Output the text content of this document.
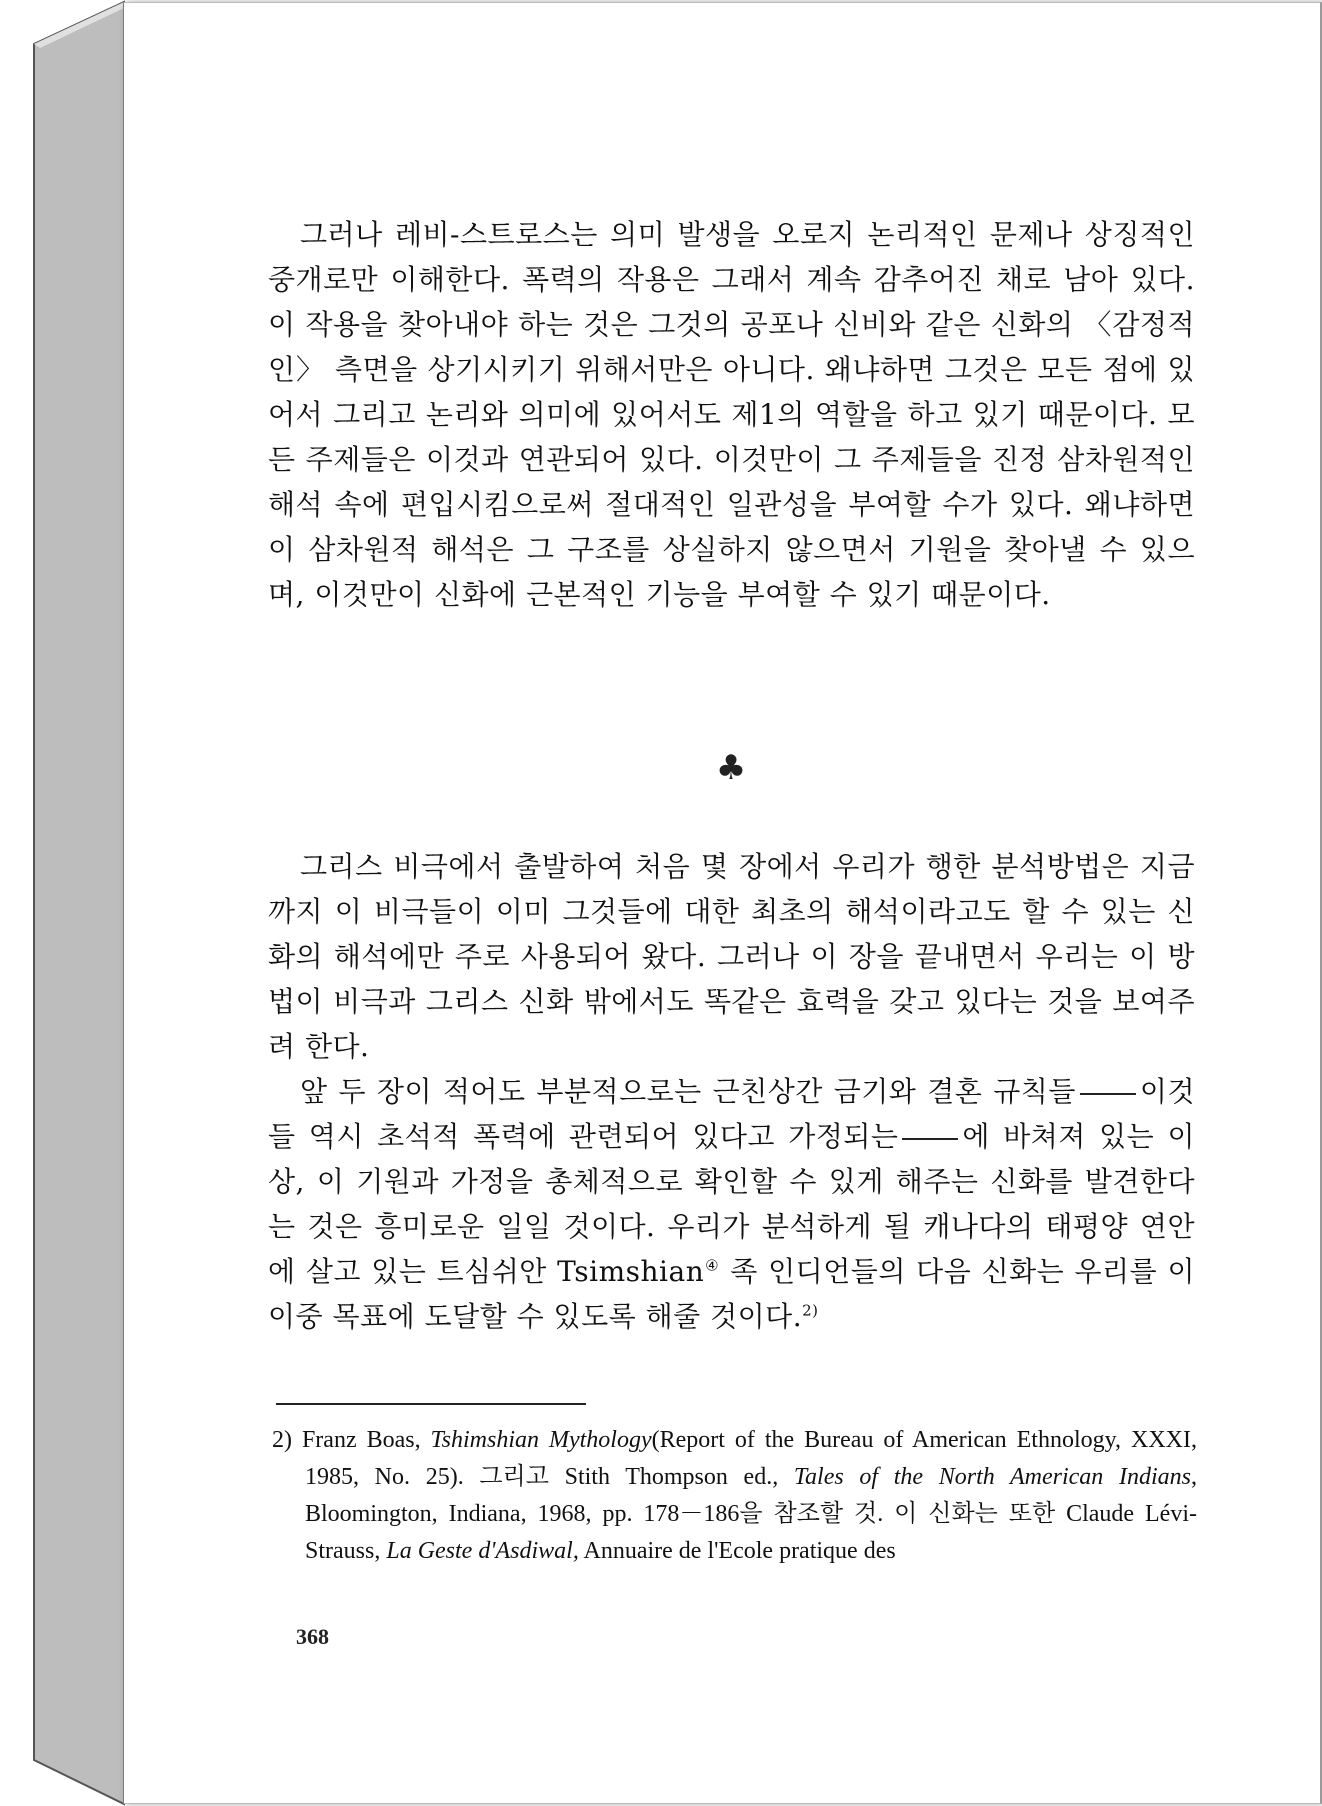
그러나 레비-스트로스는 의미 발생을 오로지 논리적인 문제나 상징적인 중개로만 이해한다. 폭력의 작용은 그래서 계속 감추어진 채로 남아 있다. 이 작용을 찾아내야 하는 것은 그것의 공포나 신비와 같은 신화의 〈감정적인〉 측면을 상기시키기 위해서만은 아니다. 왜냐하면 그것은 모든 점에 있어서 그리고 논리와 의미에 있어서도 제1의 역할을 하고 있기 때문이다. 모든 주제들은 이것과 연관되어 있다. 이것만이 그 주제들을 진정 삼차원적인 해석 속에 편입시킴으로써 절대적인 일관성을 부여할 수가 있다. 왜냐하면 이 삼차원적 해석은 그 구조를 상실하지 않으면서 기원을 찾아낼 수 있으며, 이것만이 신화에 근본적인 기능을 부여할 수 있기 때문이다.

♣

그리스 비극에서 출발하여 처음 몇 장에서 우리가 행한 분석방법은 지금까지 이 비극들이 이미 그것들에 대한 최초의 해석이라고도 할 수 있는 신화의 해석에만 주로 사용되어 왔다. 그러나 이 장을 끝내면서 우리는 이 방법이 비극과 그리스 신화 밖에서도 똑같은 효력을 갖고 있다는 것을 보여주려 한다.

앞 두 장이 적어도 부분적으로는 근친상간 금기와 결혼 규칙들 이것들 역시 초석적 폭력에 관련되어 있다고 가정되는 에 바쳐져 있는 이상, 이 기원과 가정을 총체적으로 확인할 수 있게 해주는 신화를 발견한다는 것은 흥미로운 일일 것이다. 우리가 분석하게 될 캐나다의 태평양 연안에 살고 있는 트심쉬안 Tsimshian④ 족 인디언들의 다음 신화는 우리를 이 이중 목표에 도달할 수 있도록 해줄 것이다.$^{2)}$

2) Franz Boas, Tshimshian Mythology(Report of the Bureau of American Ethnology, XXXI, 1985, No. 25). 그리고 Stith Thompson ed., Tales of the North American Indians, Bloomington, Indiana, 1968, pp. 178－186을 참조할 것. 이 신화는 또한 Claude Lévi-Strauss, La Geste d'Asdiwal, Annuaire de l'Ecole pratique des
368
